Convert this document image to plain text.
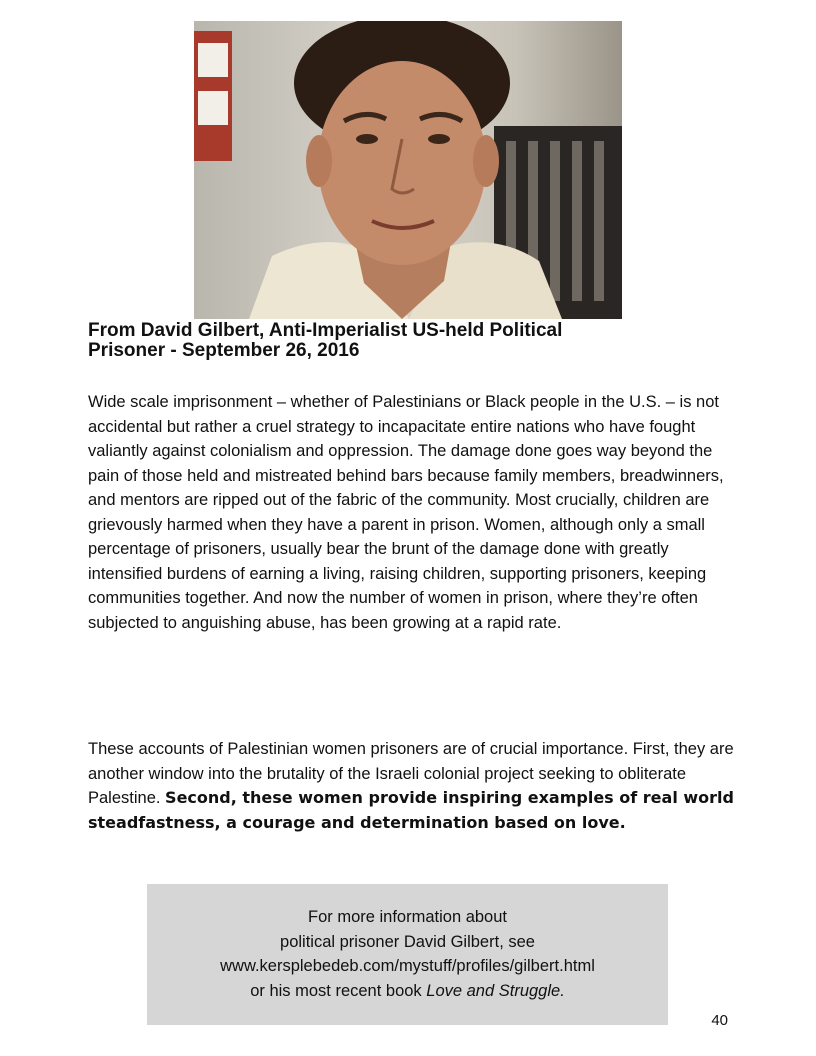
From David Gilbert, Anti-Imperialist US-held Political
Prisoner - September 26, 2016

Wide scale imprisonment – whether of Palestinians or Black people in the U.S. – is not accidental but rather a cruel strategy to incapacitate entire nations who have fought valiantly against colonialism and oppression. The damage done goes way beyond the pain of those held and mistreated behind bars because family members, breadwinners, and mentors are ripped out of the fabric of the community. Most crucially, children are grievously harmed when they have a parent in prison. Women, although only a small percentage of prisoners, usually bear the brunt of the damage done with greatly intensified burdens of earning a living, raising children, supporting prisoners, keeping communities together. And now the number of women in prison, where they’re often subjected to anguishing abuse, has been growing at a rapid rate.

These accounts of Palestinian women prisoners are of crucial importance. First, they are another window into the brutality of the Israeli colonial project seeking to obliterate Palestine. Second, these women provide inspiring examples of real world steadfastness, a courage and determination based on love.

For more information about
political prisoner David Gilbert, see
www.kersplebedeb.com/mystuff/profiles/gilbert.html
or his most recent book Love and Struggle.
40
